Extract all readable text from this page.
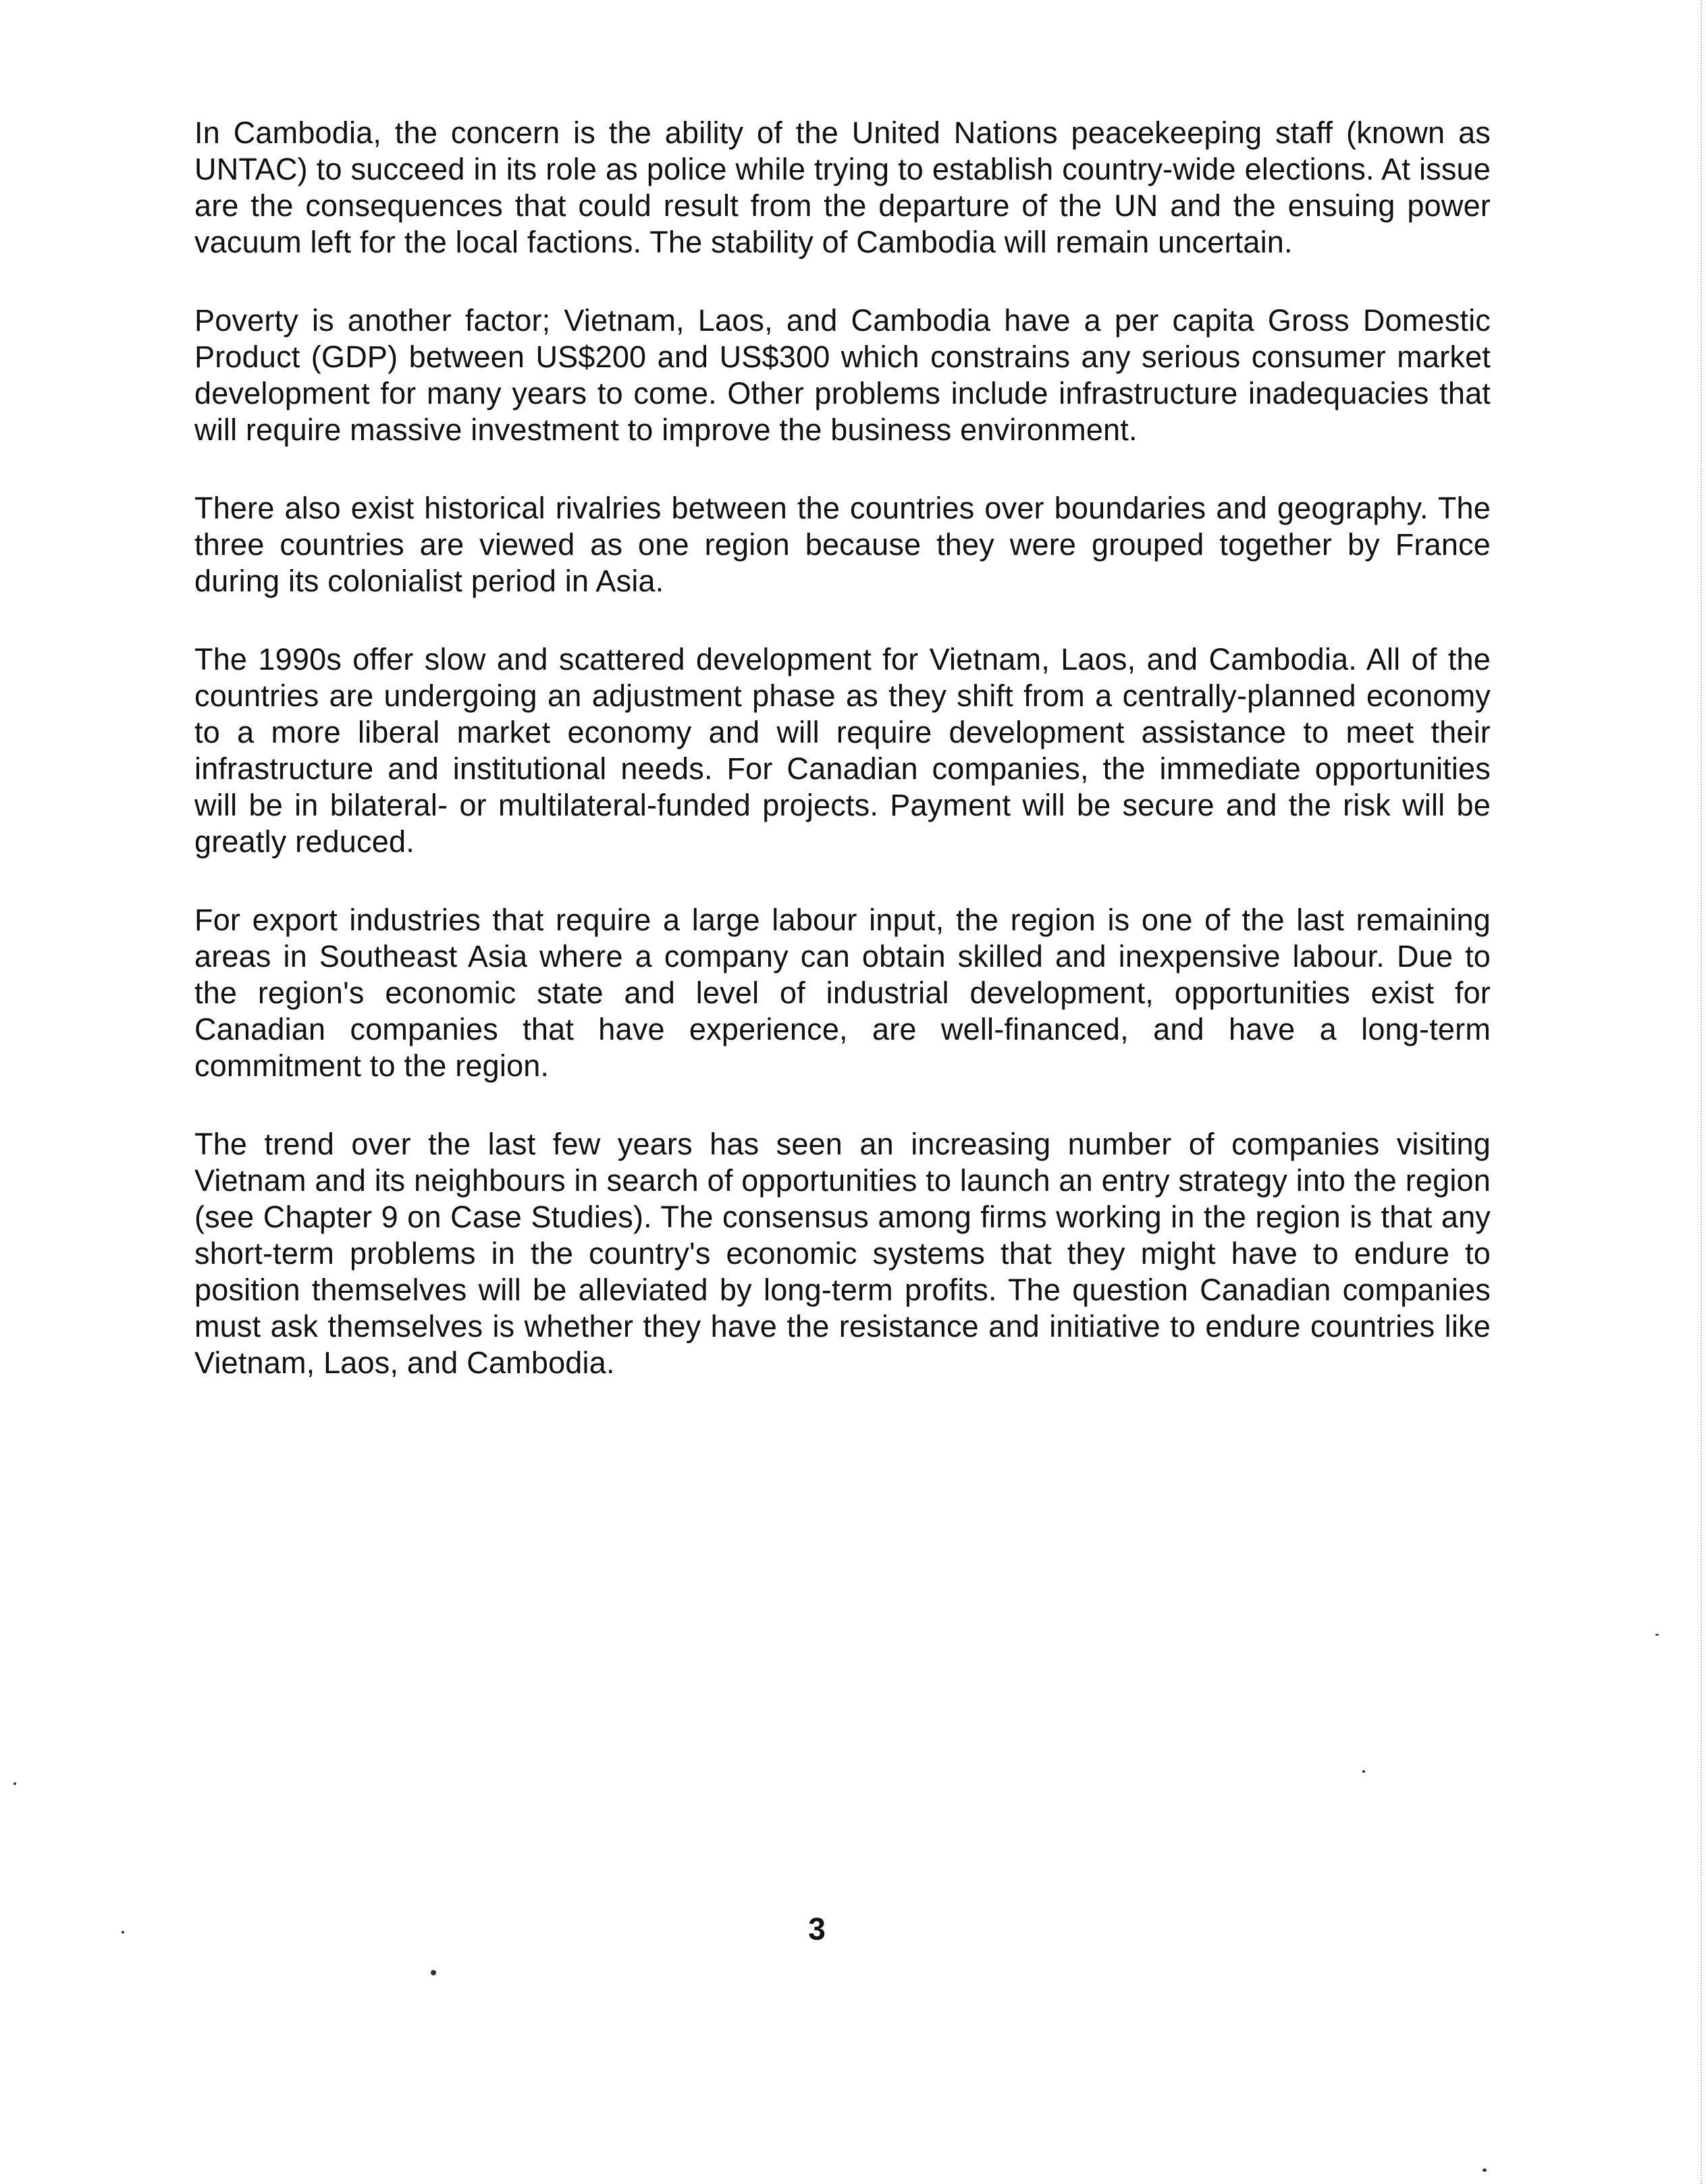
In Cambodia, the concern is the ability of the United Nations peacekeeping staff (known as UNTAC) to succeed in its role as police while trying to establish country-wide elections. At issue are the consequences that could result from the departure of the UN and the ensuing power vacuum left for the local factions. The stability of Cambodia will remain uncertain.

Poverty is another factor; Vietnam, Laos, and Cambodia have a per capita Gross Domestic Product (GDP) between US$200 and US$300 which constrains any serious consumer market development for many years to come. Other problems include infrastructure inadequacies that will require massive investment to improve the business environment.

There also exist historical rivalries between the countries over boundaries and geography. The three countries are viewed as one region because they were grouped together by France during its colonialist period in Asia.

The 1990s offer slow and scattered development for Vietnam, Laos, and Cambodia. All of the countries are undergoing an adjustment phase as they shift from a centrally-planned economy to a more liberal market economy and will require development assistance to meet their infrastructure and institutional needs. For Canadian companies, the immediate opportunities will be in bilateral- or multilateral-funded projects. Payment will be secure and the risk will be greatly reduced.

For export industries that require a large labour input, the region is one of the last remaining areas in Southeast Asia where a company can obtain skilled and inexpensive labour. Due to the region's economic state and level of industrial development, opportunities exist for Canadian companies that have experience, are well-financed, and have a long-term commitment to the region.

The trend over the last few years has seen an increasing number of companies visiting Vietnam and its neighbours in search of opportunities to launch an entry strategy into the region (see Chapter 9 on Case Studies). The consensus among firms working in the region is that any short-term problems in the country's economic systems that they might have to endure to position themselves will be alleviated by long-term profits. The question Canadian companies must ask themselves is whether they have the resistance and initiative to endure countries like Vietnam, Laos, and Cambodia.

3
